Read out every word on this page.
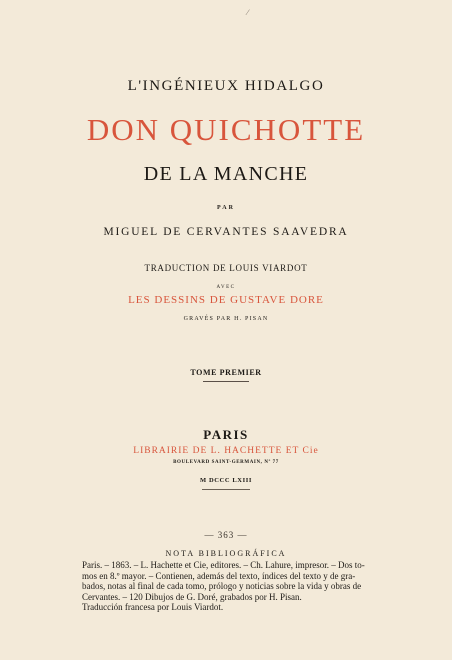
⁄
L'INGÉNIEUX HIDALGO
DON QUICHOTTE
DE LA MANCHE
PAR
MIGUEL DE CERVANTES SAAVEDRA
TRADUCTION DE LOUIS VIARDOT
AVEC
LES DESSINS DE GUSTAVE DORE
GRAVÉS PAR H. PISAN
TOME PREMIER
PARIS
LIBRAIRIE DE L. HACHETTE ET Cie
BOULEVARD SAINT-GERMAIN, Nº 77
M DCCC LXIII
— 363 —
NOTA BIBLIOGRÁFICA
Paris. – 1863. – L. Hachette et Cie, editores. – Ch. Lahure, impresor. – Dos to-
mos en 8.º mayor. – Contienen, además del texto, índices del texto y de gra-
bados, notas al final de cada tomo, prólogo y noticias sobre la vida y obras de
Cervantes. – 120 Dibujos de G. Doré, grabados por H. Pisan.
Traducción francesa por Louis Viardot.
